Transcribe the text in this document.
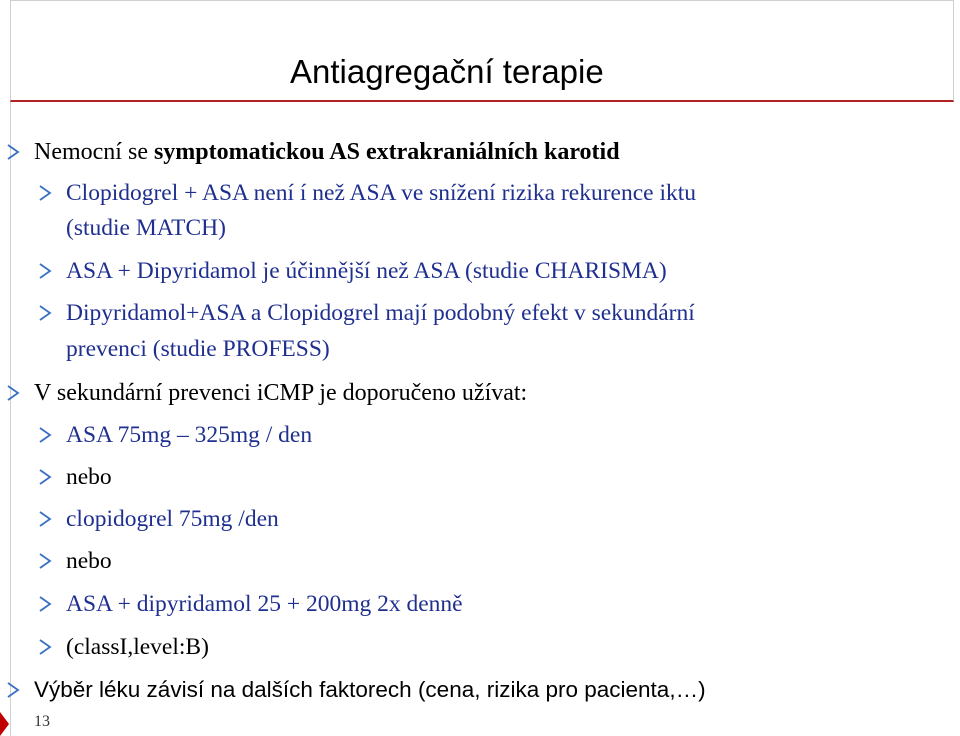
Antiagregační terapie
Nemocní se symptomatickou AS extrakraniálních karotid
Clopidogrel + ASA není í než ASA ve snížení rizika rekurence iktu
(studie MATCH)
ASA + Dipyridamol je účinnější než ASA (studie CHARISMA)
Dipyridamol+ASA a Clopidogrel mají podobný efekt v sekundární
prevenci (studie PROFESS)
V sekundární prevenci iCMP je doporučeno užívat:
ASA 75mg – 325mg / den
nebo
clopidogrel 75mg /den
nebo
ASA + dipyridamol 25 + 200mg 2x denně
(classI,level:B)
Výběr léku závisí na dalších faktorech (cena, rizika pro pacienta,…)
13
